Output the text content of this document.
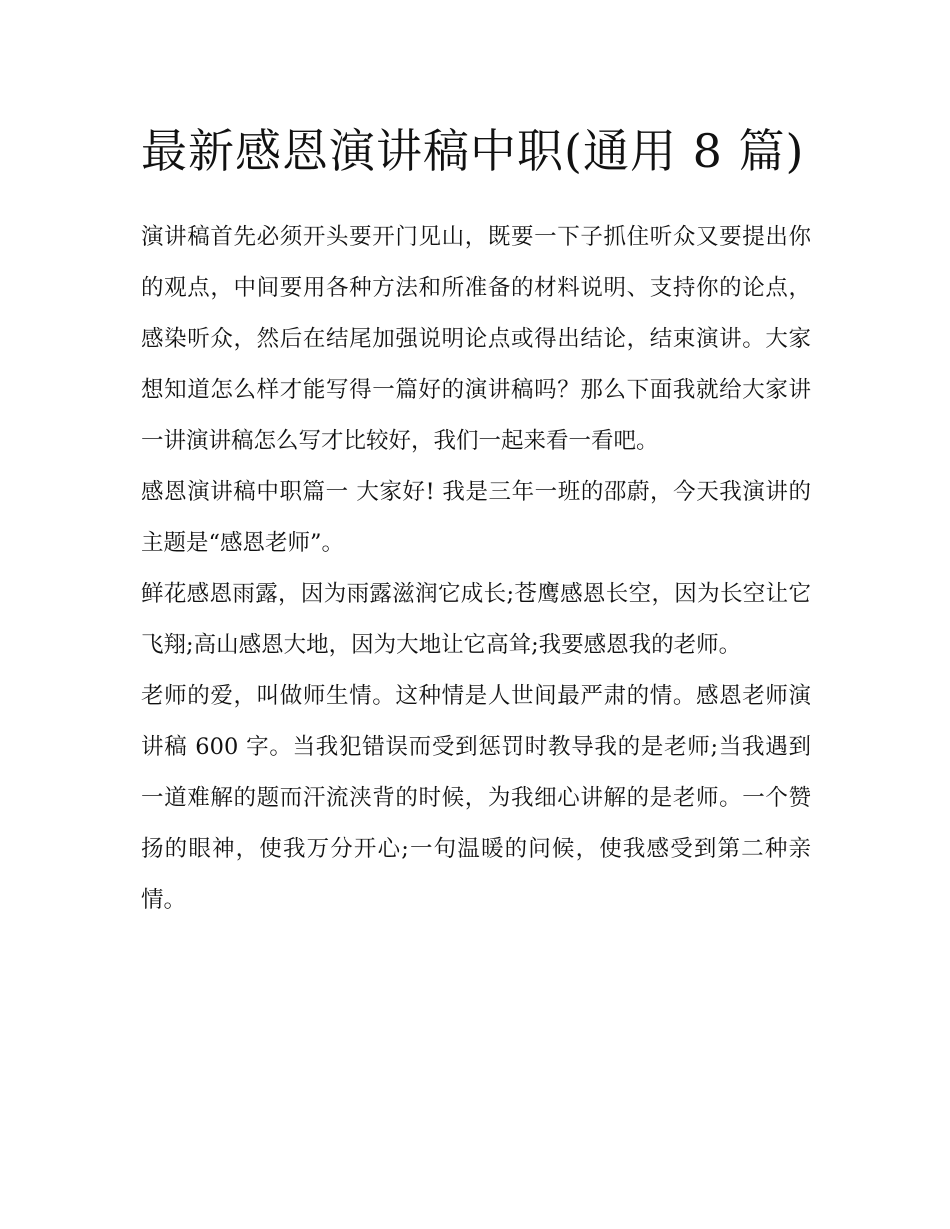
最新感恩演讲稿中职(通用 8 篇)

演讲稿首先必须开头要开门见山，既要一下子抓住听众又要提出你的观点，中间要用各种方法和所准备的材料说明、支持你的论点，感染听众，然后在结尾加强说明论点或得出结论，结束演讲。大家想知道怎么样才能写得一篇好的演讲稿吗？那么下面我就给大家讲一讲演讲稿怎么写才比较好，我们一起来看一看吧。

感恩演讲稿中职篇一 大家好! 我是三年一班的邵蔚，今天我演讲的主题是“感恩老师”。

鲜花感恩雨露，因为雨露滋润它成长;苍鹰感恩长空，因为长空让它飞翔;高山感恩大地，因为大地让它高耸;我要感恩我的老师。

老师的爱，叫做师生情。这种情是人世间最严肃的情。感恩老师演讲稿 600 字。当我犯错误而受到惩罚时教导我的是老师;当我遇到一道难解的题而汗流浃背的时候，为我细心讲解的是老师。一个赞扬的眼神，使我万分开心;一句温暖的问候，使我感受到第二种亲情。
